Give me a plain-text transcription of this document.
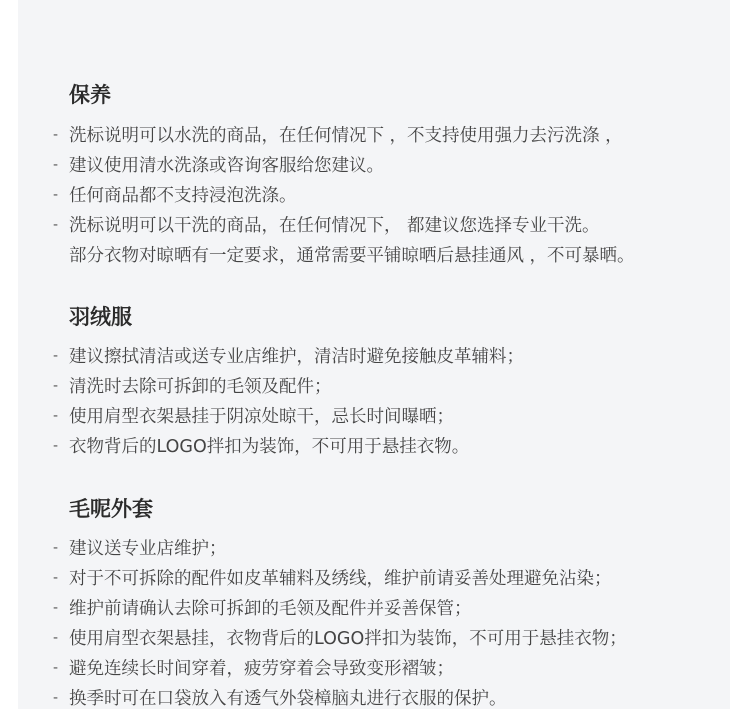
保养
- 洗标说明可以水洗的商品，在任何情况下 ，不支持使用强力去污洗涤 ，
- 建议使用清水洗涤或咨询客服给您建议。
- 任何商品都不支持浸泡洗涤。
- 洗标说明可以干洗的商品，在任何情况下， 都建议您选择专业干洗。
部分衣物对晾晒有一定要求，通常需要平铺晾晒后悬挂通风 ，不可暴晒。
羽绒服
- 建议擦拭清洁或送专业店维护，清洁时避免接触皮革辅料；
- 清洗时去除可拆卸的毛领及配件；
- 使用肩型衣架悬挂于阴凉处晾干，忌长时间曝晒；
- 衣物背后的LOGO拌扣为装饰，不可用于悬挂衣物。
毛呢外套
- 建议送专业店维护；
- 对于不可拆除的配件如皮革辅料及绣线，维护前请妥善处理避免沾染；
- 维护前请确认去除可拆卸的毛领及配件并妥善保管；
- 使用肩型衣架悬挂，衣物背后的LOGO拌扣为装饰，不可用于悬挂衣物；
- 避免连续长时间穿着，疲劳穿着会导致变形褶皱；
- 换季时可在口袋放入有透气外袋樟脑丸进行衣服的保护。
